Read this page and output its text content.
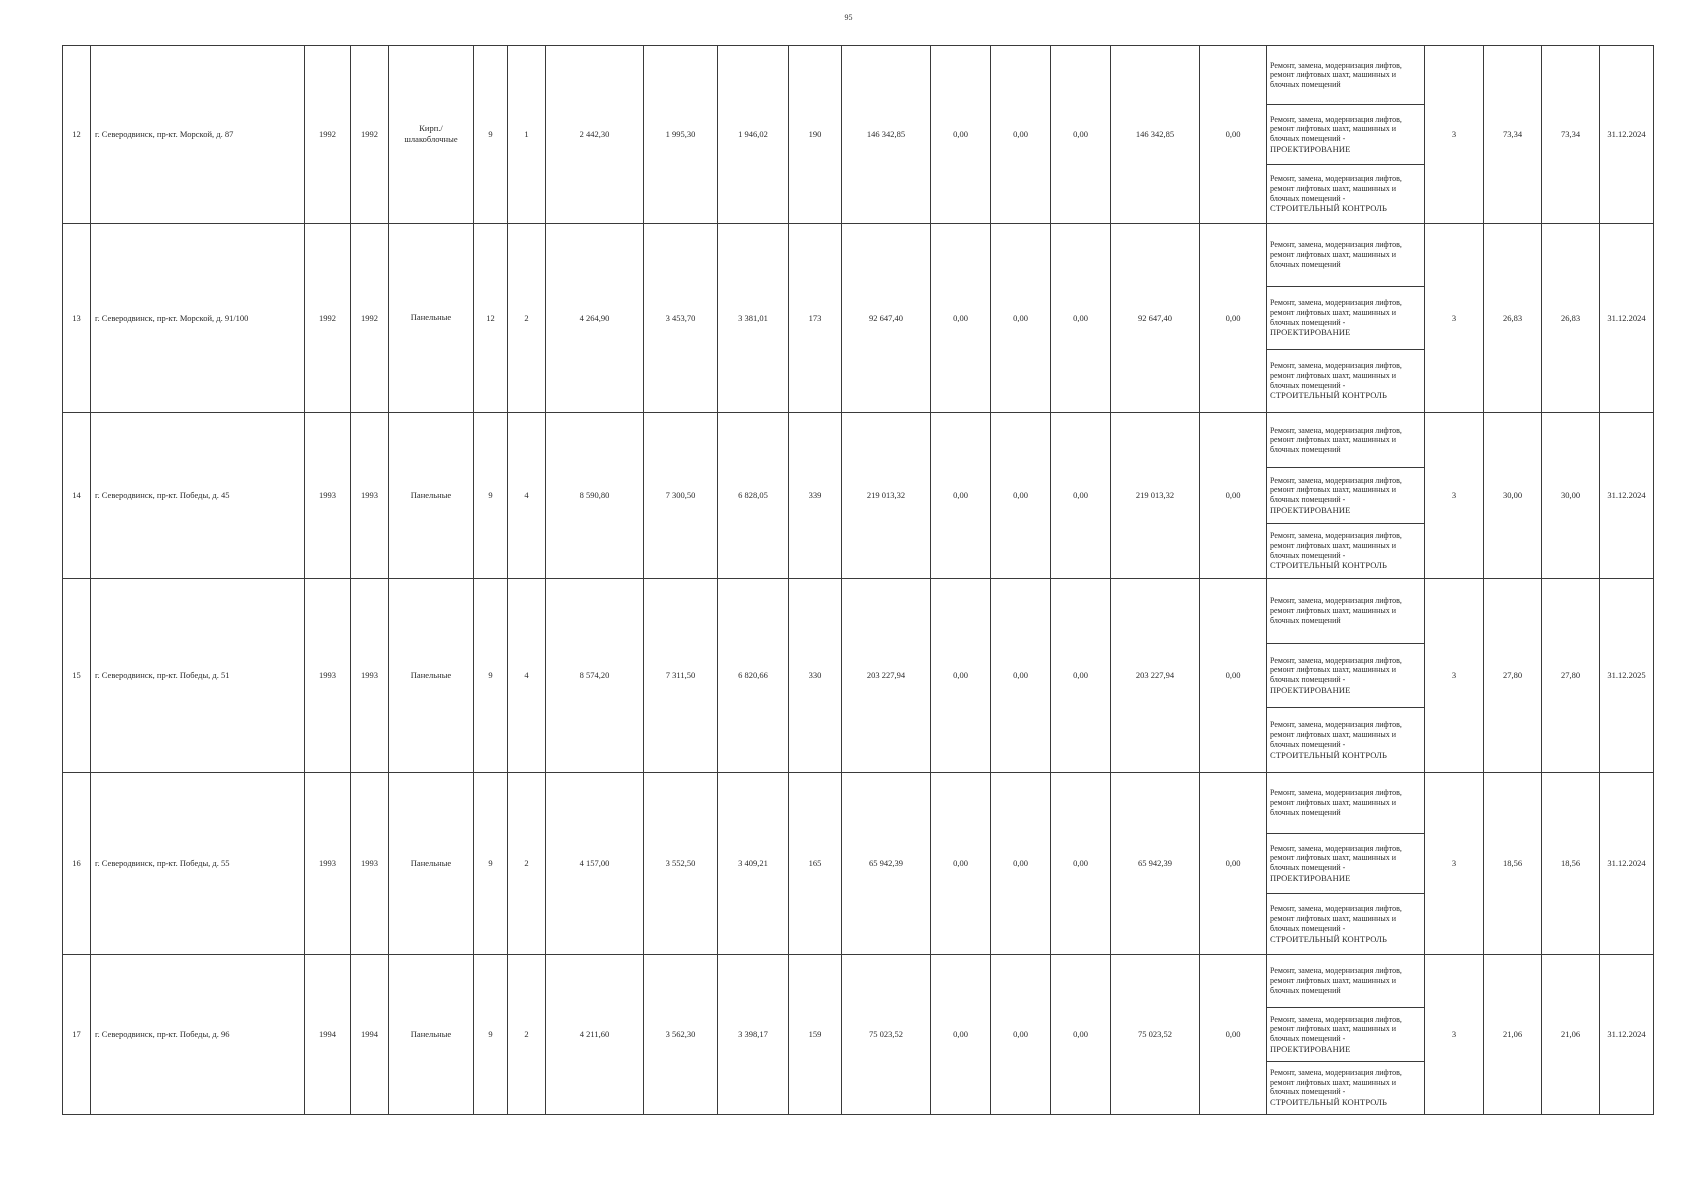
95
12	г. Северодвинск, пр-кт. Морской, д. 87	1992	1992	Кирп./ шлакоблочные	9	1	2 442,30	1 995,30	1 946,02	190	146 342,85	0,00	0,00	0,00	146 342,85	0,00	Ремонт, замена, модернизация лифтов, ремонт лифтовых шахт, машинных и блочных помещений	3	73,34	73,34	31.12.2024
																	Ремонт, замена, модернизация лифтов, ремонт лифтовых шахт, машинных и блочных помещений -
ПРОЕКТИРОВАНИЕ				

																	Ремонт, замена, модернизация лифтов, ремонт лифтовых шахт, машинных и блочных помещений -
СТРОИТЕЛЬНЫЙ КОНТРОЛЬ				

13	г. Северодвинск, пр-кт. Морской, д. 91/100	1992	1992	Панельные	12	2	4 264,90	3 453,70	3 381,01	173	92 647,40	0,00	0,00	0,00	92 647,40	0,00	Ремонт, замена, модернизация лифтов, ремонт лифтовых шахт, машинных и блочных помещений	3	26,83	26,83	31.12.2024
																	Ремонт, замена, модернизация лифтов, ремонт лифтовых шахт, машинных и блочных помещений -
ПРОЕКТИРОВАНИЕ				

																	Ремонт, замена, модернизация лифтов, ремонт лифтовых шахт, машинных и блочных помещений -
СТРОИТЕЛЬНЫЙ КОНТРОЛЬ				

14	г. Северодвинск, пр-кт. Победы, д. 45	1993	1993	Панельные	9	4	8 590,80	7 300,50	6 828,05	339	219 013,32	0,00	0,00	0,00	219 013,32	0,00	Ремонт, замена, модернизация лифтов, ремонт лифтовых шахт, машинных и блочных помещений	3	30,00	30,00	31.12.2024
																	Ремонт, замена, модернизация лифтов, ремонт лифтовых шахт, машинных и блочных помещений -
ПРОЕКТИРОВАНИЕ				

																	Ремонт, замена, модернизация лифтов, ремонт лифтовых шахт, машинных и блочных помещений -
СТРОИТЕЛЬНЫЙ КОНТРОЛЬ				

15	г. Северодвинск, пр-кт. Победы, д. 51	1993	1993	Панельные	9	4	8 574,20	7 311,50	6 820,66	330	203 227,94	0,00	0,00	0,00	203 227,94	0,00	Ремонт, замена, модернизация лифтов, ремонт лифтовых шахт, машинных и блочных помещений	3	27,80	27,80	31.12.2025
																	Ремонт, замена, модернизация лифтов, ремонт лифтовых шахт, машинных и блочных помещений -
ПРОЕКТИРОВАНИЕ				

																	Ремонт, замена, модернизация лифтов, ремонт лифтовых шахт, машинных и блочных помещений -
СТРОИТЕЛЬНЫЙ КОНТРОЛЬ				

16	г. Северодвинск, пр-кт. Победы, д. 55	1993	1993	Панельные	9	2	4 157,00	3 552,50	3 409,21	165	65 942,39	0,00	0,00	0,00	65 942,39	0,00	Ремонт, замена, модернизация лифтов, ремонт лифтовых шахт, машинных и блочных помещений	3	18,56	18,56	31.12.2024
																	Ремонт, замена, модернизация лифтов, ремонт лифтовых шахт, машинных и блочных помещений -
ПРОЕКТИРОВАНИЕ				

																	Ремонт, замена, модернизация лифтов, ремонт лифтовых шахт, машинных и блочных помещений -
СТРОИТЕЛЬНЫЙ КОНТРОЛЬ				

17	г. Северодвинск, пр-кт. Победы, д. 96	1994	1994	Панельные	9	2	4 211,60	3 562,30	3 398,17	159	75 023,52	0,00	0,00	0,00	75 023,52	0,00	Ремонт, замена, модернизация лифтов, ремонт лифтовых шахт, машинных и блочных помещений	3	21,06	21,06	31.12.2024
																	Ремонт, замена, модернизация лифтов, ремонт лифтовых шахт, машинных и блочных помещений -
ПРОЕКТИРОВАНИЕ				

																	Ремонт, замена, модернизация лифтов, ремонт лифтовых шахт, машинных и блочных помещений -
СТРОИТЕЛЬНЫЙ КОНТРОЛЬ				
